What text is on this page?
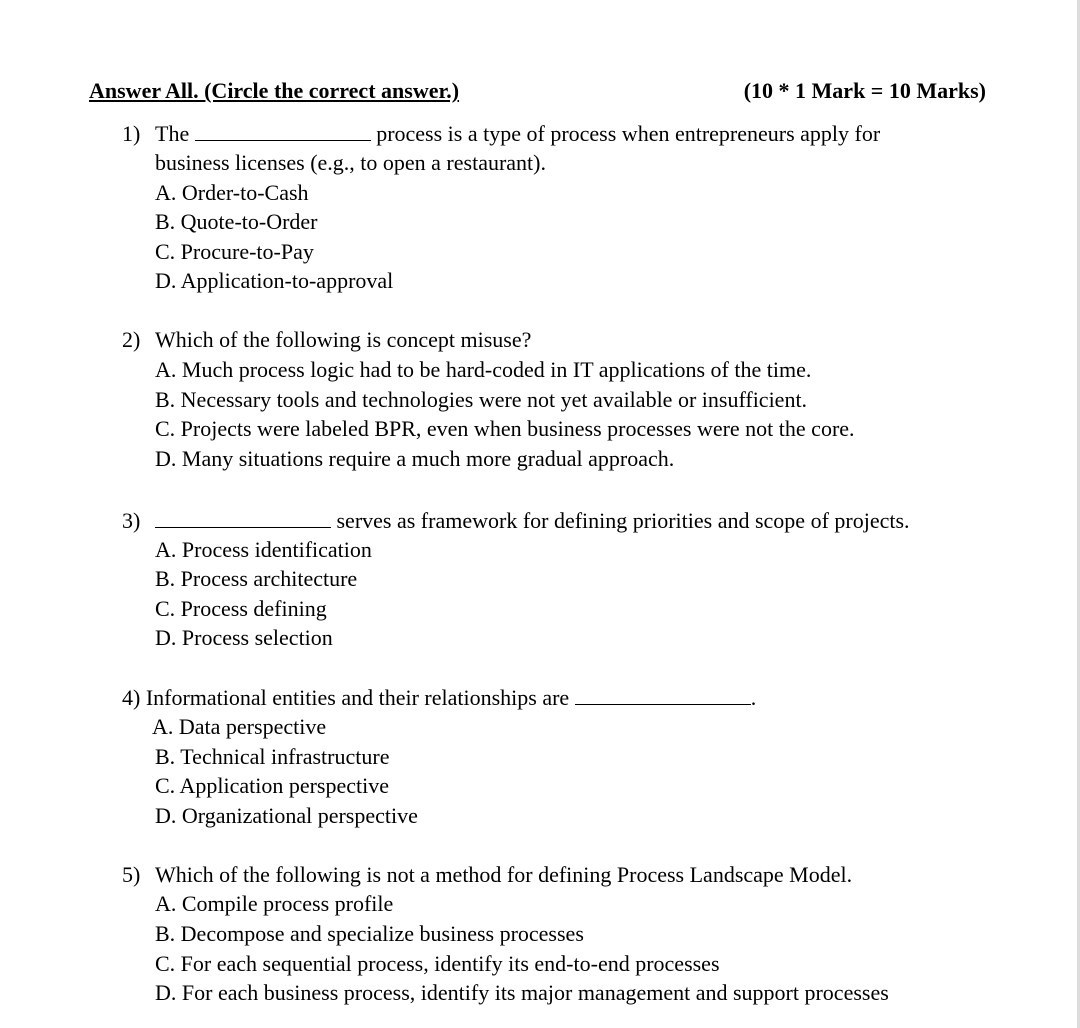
Answer All. (Circle the correct answer.)	(10 * 1 Mark = 10 Marks)
1) The	process is a type of process when entrepreneurs apply for
business licenses (e.g., to open a restaurant).
A. Order-to-Cash
B. Quote-to-Order
C. Procure-to-Pay
D. Application-to-approval
2) Which of the following is concept misuse?
A. Much process logic had to be hard-coded in IT applications of the time.
B. Necessary tools and technologies were not yet available or insufficient.
C. Projects were labeled BPR, even when business processes were not the core.
D. Many situations require a much more gradual approach.
3)	serves as framework for defining priorities and scope of projects.
A. Process identification
B. Process architecture
C. Process defining
D. Process selection
4) Informational entities and their relationships are	.
A. Data perspective
B. Technical infrastructure
C. Application perspective
D. Organizational perspective
5) Which of the following is not a method for defining Process Landscape Model.
A. Compile process profile
B. Decompose and specialize business processes
C. For each sequential process, identify its end-to-end processes
D. For each business process, identify its major management and support processes
